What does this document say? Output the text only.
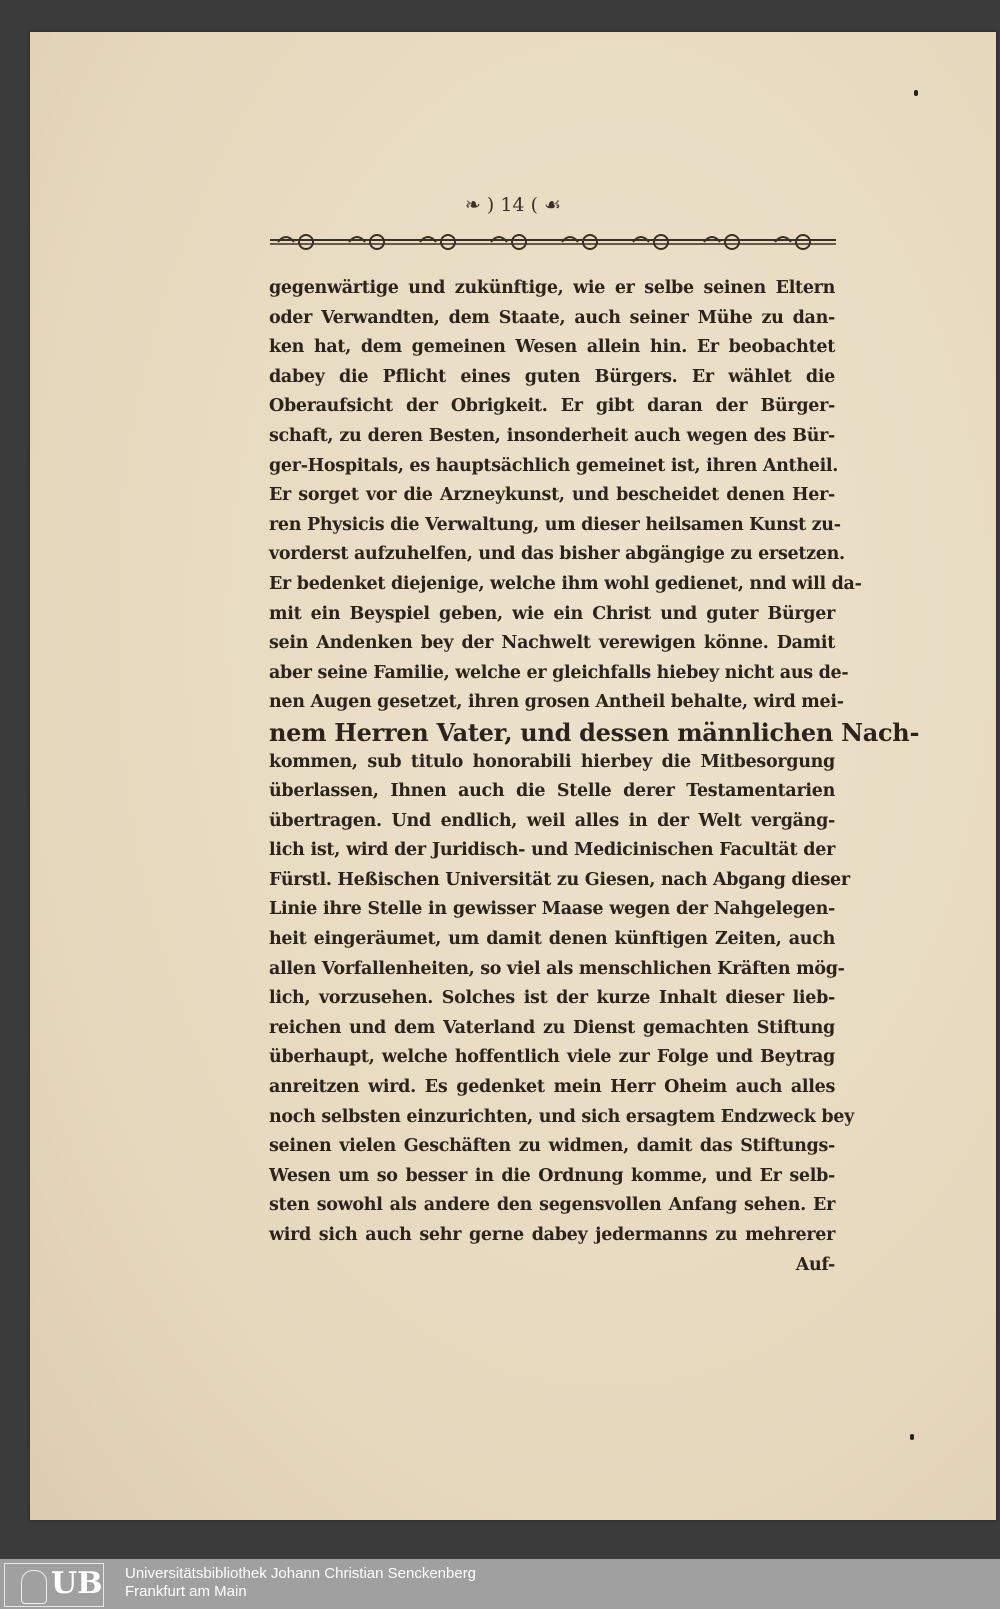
❧ ) 14 ( ☙
gegenwärtige und zukünftige, wie er selbe seinen Eltern
oder Verwandten, dem Staate, auch seiner Mühe zu dan-
ken hat, dem gemeinen Wesen allein hin. Er beobachtet
dabey die Pflicht eines guten Bürgers. Er wählet die
Oberaufsicht der Obrigkeit. Er gibt daran der Bürger-
schaft, zu deren Besten, insonderheit auch wegen des Bür-
ger-Hospitals, es hauptsächlich gemeinet ist, ihren Antheil.
Er sorget vor die Arzneykunst, und bescheidet denen Her-
ren Physicis die Verwaltung, um dieser heilsamen Kunst zu-
vorderst aufzuhelfen, und das bisher abgängige zu ersetzen.
Er bedenket diejenige, welche ihm wohl gedienet, nnd will da-
mit ein Beyspiel geben, wie ein Christ und guter Bürger
sein Andenken bey der Nachwelt verewigen könne. Damit
aber seine Familie, welche er gleichfalls hiebey nicht aus de-
nen Augen gesetzet, ihren grosen Antheil behalte, wird mei-
nem Herren Vater, und dessen männlichen Nach-
kommen, sub titulo honorabili hierbey die Mitbesorgung
überlassen, Ihnen auch die Stelle derer Testamentarien
übertragen. Und endlich, weil alles in der Welt vergäng-
lich ist, wird der Juridisch- und Medicinischen Facultät der
Fürstl. Heßischen Universität zu Giesen, nach Abgang dieser
Linie ihre Stelle in gewisser Maase wegen der Nahgelegen-
heit eingeräumet, um damit denen künftigen Zeiten, auch
allen Vorfallenheiten, so viel als menschlichen Kräften mög-
lich, vorzusehen. Solches ist der kurze Inhalt dieser lieb-
reichen und dem Vaterland zu Dienst gemachten Stiftung
überhaupt, welche hoffentlich viele zur Folge und Beytrag
anreitzen wird. Es gedenket mein Herr Oheim auch alles
noch selbsten einzurichten, und sich ersagtem Endzweck bey
seinen vielen Geschäften zu widmen, damit das Stiftungs-
Wesen um so besser in die Ordnung komme, und Er selb-
sten sowohl als andere den segensvollen Anfang sehen. Er
wird sich auch sehr gerne dabey jedermanns zu mehrerer
Auf-
UB Universitätsbibliothek Johann Christian Senckenberg
Frankfurt am Main
